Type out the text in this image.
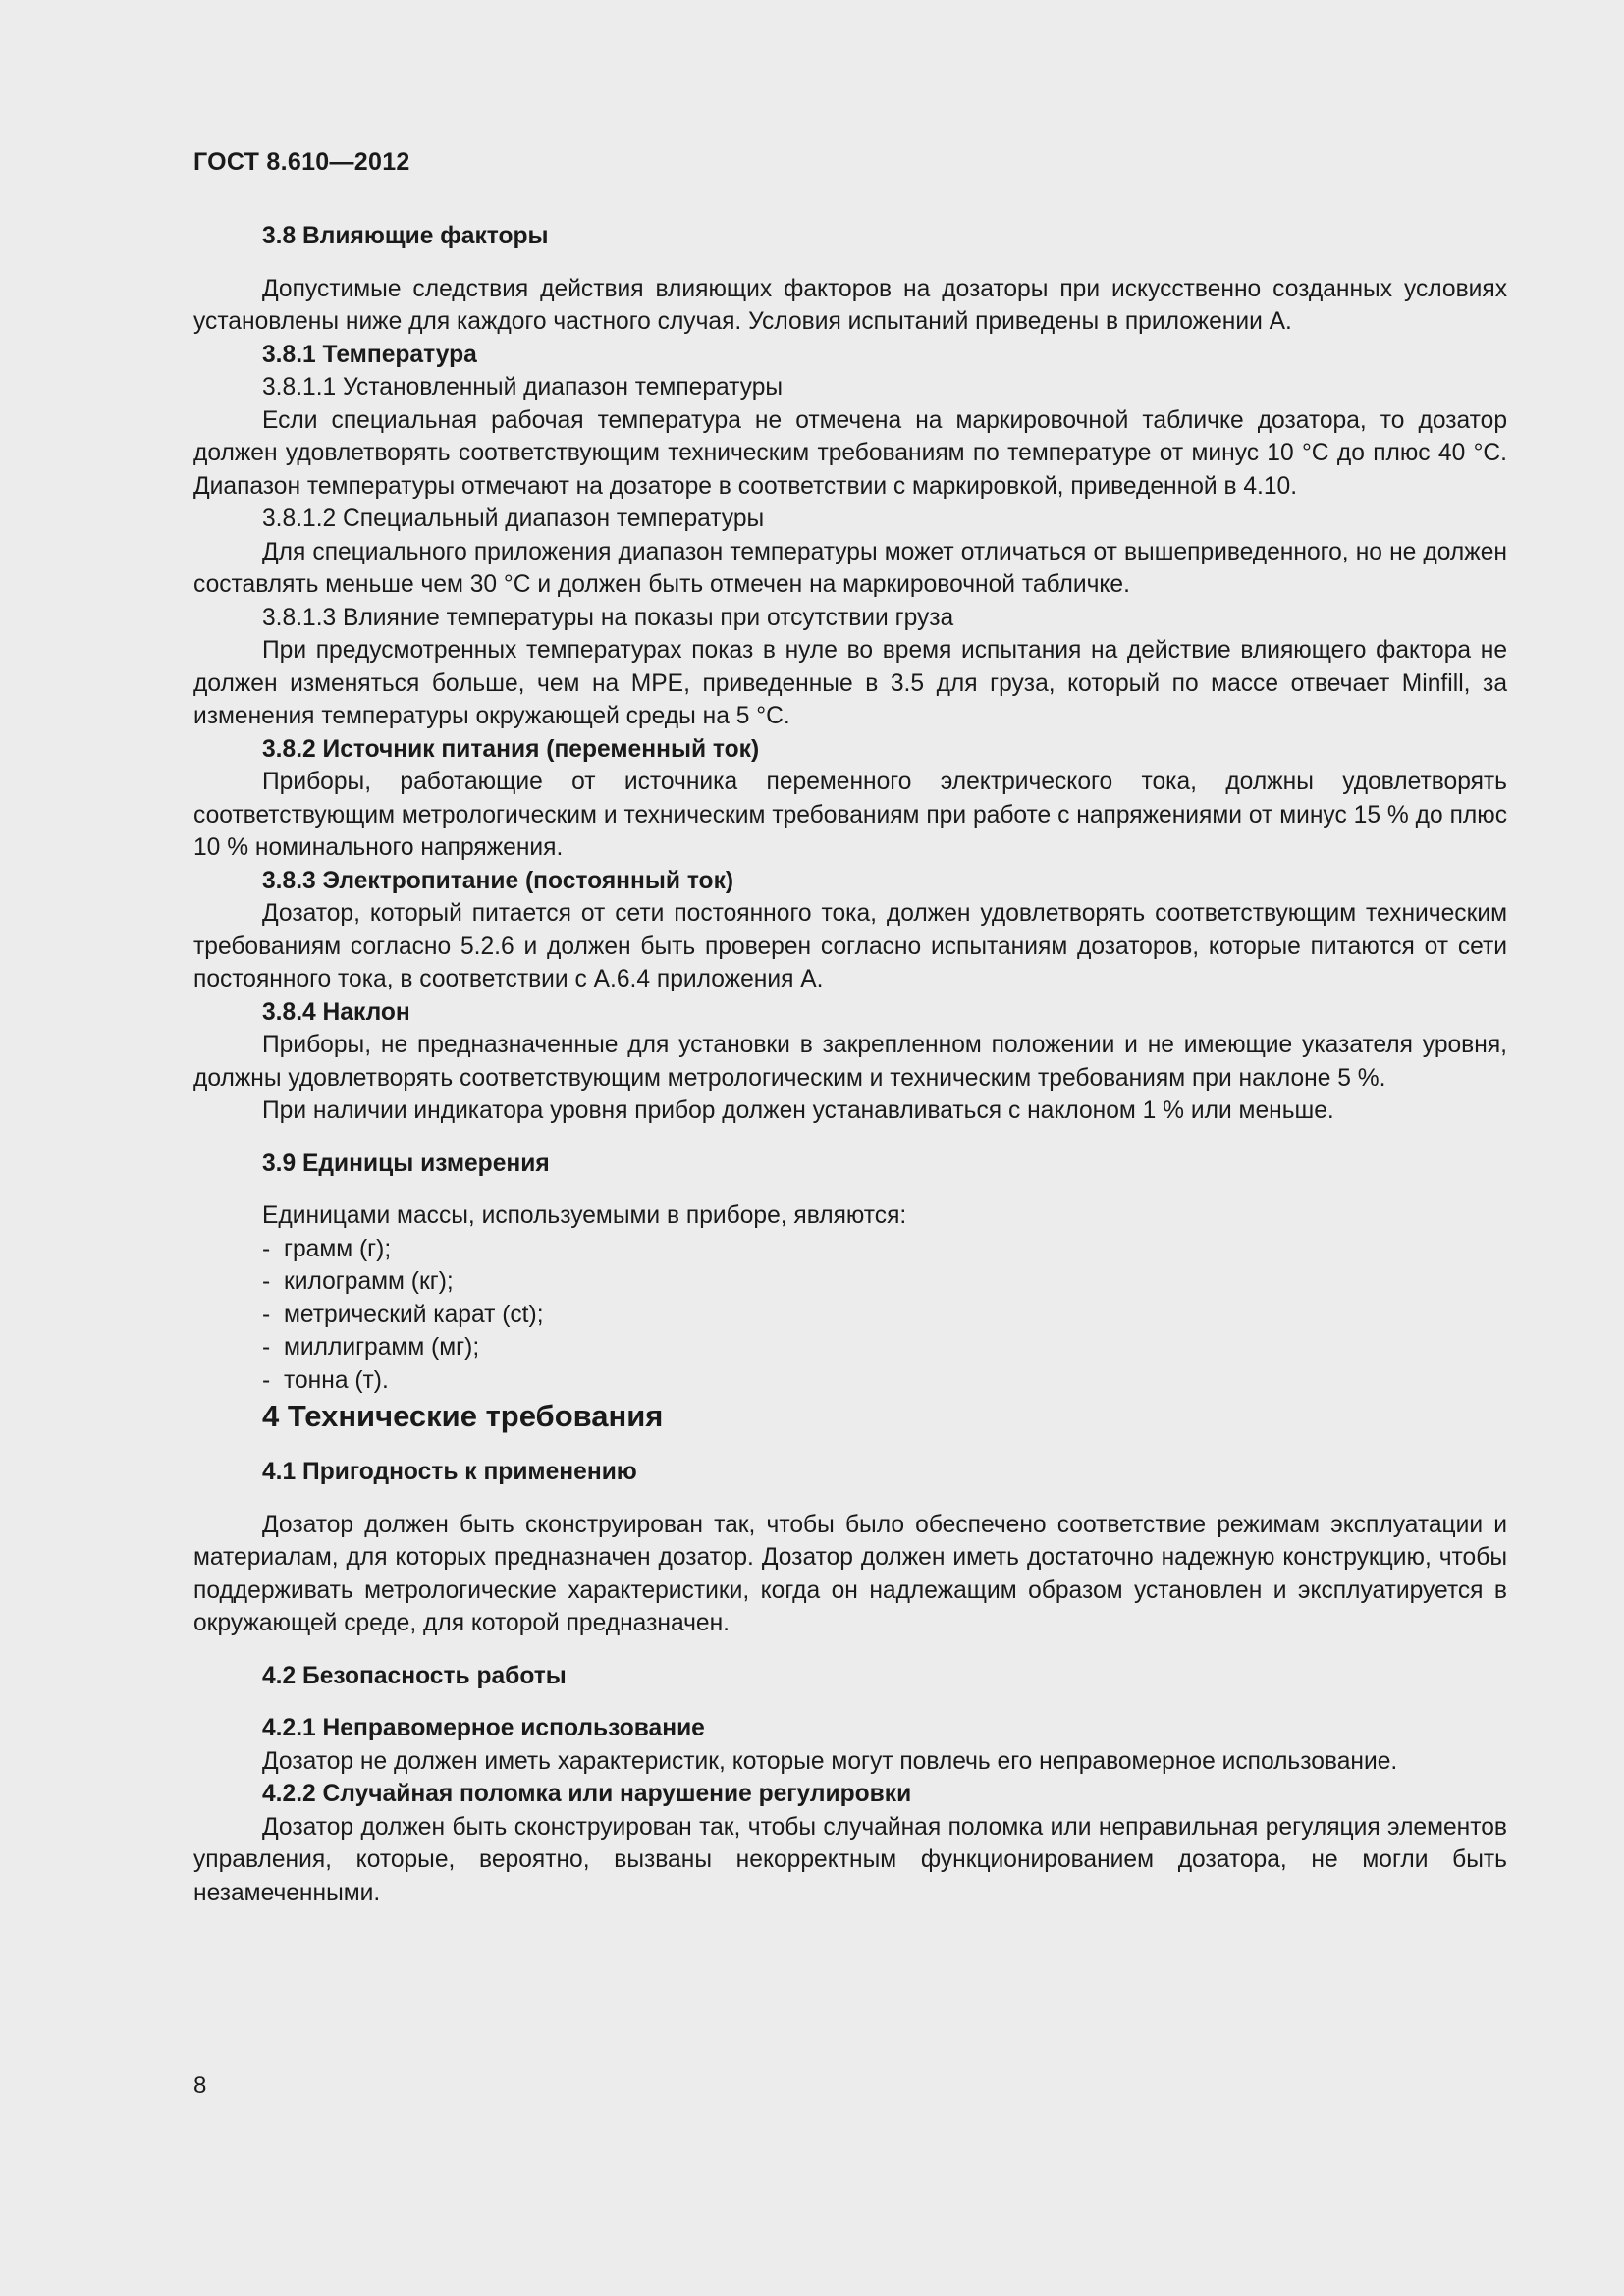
ГОСТ 8.610—2012

3.8 Влияющие факторы

Допустимые следствия действия влияющих факторов на дозаторы при искусственно созданных условиях установлены ниже для каждого частного случая. Условия испытаний приведены в приложении А.

3.8.1 Температура

3.8.1.1 Установленный диапазон температуры

Если специальная рабочая температура не отмечена на маркировочной табличке дозатора, то дозатор должен удовлетворять соответствующим техническим требованиям по температуре от минус 10 °С до плюс 40 °С. Диапазон температуры отмечают на дозаторе в соответствии с маркировкой, приведенной в 4.10.

3.8.1.2 Специальный диапазон температуры

Для специального приложения диапазон температуры может отличаться от вышеприведенного, но не должен составлять меньше чем 30 °С и должен быть отмечен на маркировочной табличке.

3.8.1.3 Влияние температуры на показы при отсутствии груза

При предусмотренных температурах показ в нуле во время испытания на действие влияющего фактора не должен изменяться больше, чем на МРЕ, приведенные в 3.5 для груза, который по массе отвечает Minfill, за изменения температуры окружающей среды на 5 °С.

3.8.2 Источник питания (переменный ток)

Приборы, работающие от источника переменного электрического тока, должны удовлетворять соответствующим метрологическим и техническим требованиям при работе с напряжениями от минус 15 % до плюс 10 % номинального напряжения.

3.8.3 Электропитание (постоянный ток)

Дозатор, который питается от сети постоянного тока, должен удовлетворять соответствующим техническим требованиям согласно 5.2.6 и должен быть проверен согласно испытаниям дозаторов, которые питаются от сети постоянного тока, в соответствии с А.6.4 приложения А.

3.8.4 Наклон

Приборы, не предназначенные для установки в закрепленном положении и не имеющие указателя уровня, должны удовлетворять соответствующим метрологическим и техническим требованиям при наклоне 5 %.

При наличии индикатора уровня прибор должен устанавливаться с наклоном 1 % или меньше.

3.9 Единицы измерения

Единицами массы, используемыми в приборе, являются:

- грамм (г);
- килограмм (кг);
- метрический карат (ct);
- миллиграмм (мг);
- тонна (т).

4 Технические требования

4.1 Пригодность к применению

Дозатор должен быть сконструирован так, чтобы было обеспечено соответствие режимам эксплуатации и материалам, для которых предназначен дозатор. Дозатор должен иметь достаточно надежную конструкцию, чтобы поддерживать метрологические характеристики, когда он надлежащим образом установлен и эксплуатируется в окружающей среде, для которой предназначен.

4.2 Безопасность работы

4.2.1 Неправомерное использование

Дозатор не должен иметь характеристик, которые могут повлечь его неправомерное использование.

4.2.2 Случайная поломка или нарушение регулировки

Дозатор должен быть сконструирован так, чтобы случайная поломка или неправильная регуляция элементов управления, которые, вероятно, вызваны некорректным функционированием дозатора, не могли быть незамеченными.

8
